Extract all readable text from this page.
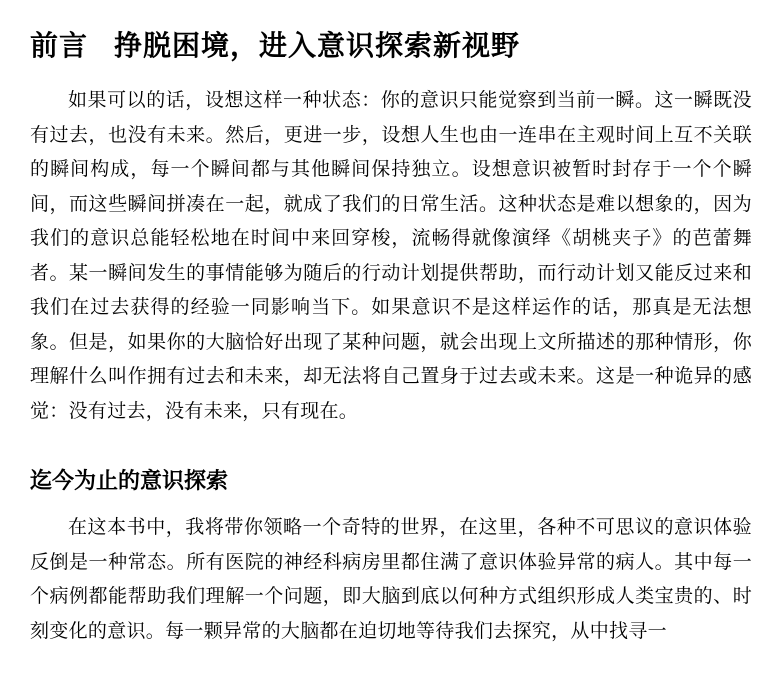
前言 挣脱困境，进入意识探索新视野

如果可以的话，设想这样一种状态：你的意识只能觉察到当前一瞬。这一瞬既没有过去，也没有未来。然后，更进一步，设想人生也由一连串在主观时间上互不关联的瞬间构成，每一个瞬间都与其他瞬间保持独立。设想意识被暂时封存于一个个瞬间，而这些瞬间拼凑在一起，就成了我们的日常生活。这种状态是难以想象的，因为我们的意识总能轻松地在时间中来回穿梭，流畅得就像演绎《胡桃夹子》的芭蕾舞者。某一瞬间发生的事情能够为随后的行动计划提供帮助，而行动计划又能反过来和我们在过去获得的经验一同影响当下。如果意识不是这样运作的话，那真是无法想象。但是，如果你的大脑恰好出现了某种问题，就会出现上文所描述的那种情形，你理解什么叫作拥有过去和未来，却无法将自己置身于过去或未来。这是一种诡异的感觉：没有过去，没有未来，只有现在。

迄今为止的意识探索

在这本书中，我将带你领略一个奇特的世界，在这里，各种不可思议的意识体验反倒是一种常态。所有医院的神经科病房里都住满了意识体验异常的病人。其中每一个病例都能帮助我们理解一个问题，即大脑到底以何种方式组织形成人类宝贵的、时刻变化的意识。每一颗异常的大脑都在迫切地等待我们去探究，从中找寻一
